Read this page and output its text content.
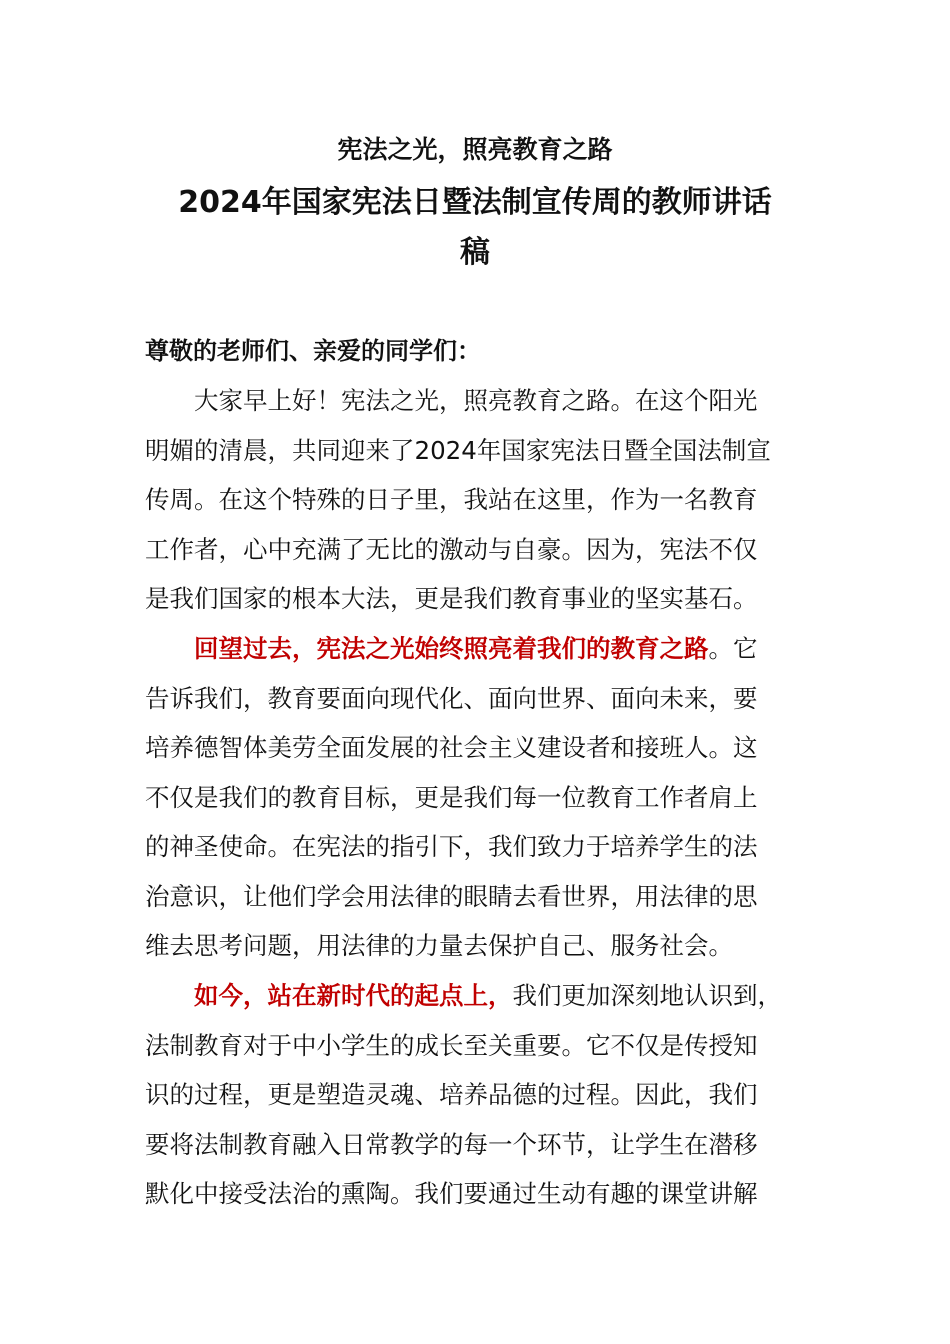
宪法之光，照亮教育之路
2024年国家宪法日暨法制宣传周的教师讲话
稿
尊敬的老师们、亲爱的同学们：
大家早上好！宪法之光，照亮教育之路。在这个阳光
明媚的清晨，共同迎来了2024年国家宪法日暨全国法制宣
传周。在这个特殊的日子里，我站在这里，作为一名教育
工作者，心中充满了无比的激动与自豪。因为，宪法不仅
是我们国家的根本大法，更是我们教育事业的坚实基石。
回望过去，宪法之光始终照亮着我们的教育之路。它
告诉我们，教育要面向现代化、面向世界、面向未来，要
培养德智体美劳全面发展的社会主义建设者和接班人。这
不仅是我们的教育目标，更是我们每一位教育工作者肩上
的神圣使命。在宪法的指引下，我们致力于培养学生的法
治意识，让他们学会用法律的眼睛去看世界，用法律的思
维去思考问题，用法律的力量去保护自己、服务社会。
如今，站在新时代的起点上，我们更加深刻地认识到，
法制教育对于中小学生的成长至关重要。它不仅是传授知
识的过程，更是塑造灵魂、培养品德的过程。因此，我们
要将法制教育融入日常教学的每一个环节，让学生在潜移
默化中接受法治的熏陶。我们要通过生动有趣的课堂讲解
